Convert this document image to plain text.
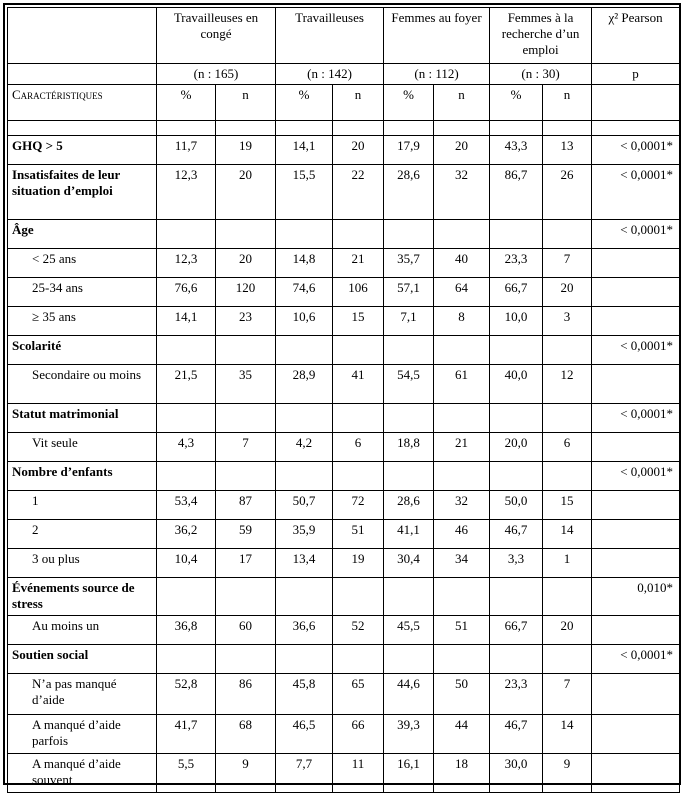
	Travailleuses en congé		Travailleuses		Femmes au foyer		Femmes à la recherche d’un emploi		χ² Pearson
	(n : 165)		(n : 142)		(n : 112)		(n : 30)		p
Caractéristiques	%	n	%	n	%	n	%	n	

GHQ > 5	11,7	19	14,1	20	17,9	20	43,3	13	< 0,0001*
Insatisfaites de leur situation d’emploi	12,3	20	15,5	22	28,6	32	86,7	26	< 0,0001*
Âge									< 0,0001*
< 25 ans	12,3	20	14,8	21	35,7	40	23,3	7	
25-34 ans	76,6	120	74,6	106	57,1	64	66,7	20	
≥ 35 ans	14,1	23	10,6	15	7,1	8	10,0	3	
Scolarité									< 0,0001*
Secondaire ou moins	21,5	35	28,9	41	54,5	61	40,0	12	
Statut matrimonial									< 0,0001*
Vit seule	4,3	7	4,2	6	18,8	21	20,0	6	
Nombre d’enfants									< 0,0001*
1	53,4	87	50,7	72	28,6	32	50,0	15	
2	36,2	59	35,9	51	41,1	46	46,7	14	
3 ou plus	10,4	17	13,4	19	30,4	34	3,3	1	
Événements source de stress									0,010*
Au moins un	36,8	60	36,6	52	45,5	51	66,7	20	
Soutien social									< 0,0001*
N’a pas manqué d’aide	52,8	86	45,8	65	44,6	50	23,3	7	
A manqué d’aide parfois	41,7	68	46,5	66	39,3	44	46,7	14	
A manqué d’aide souvent	5,5	9	7,7	11	16,1	18	30,0	9	
